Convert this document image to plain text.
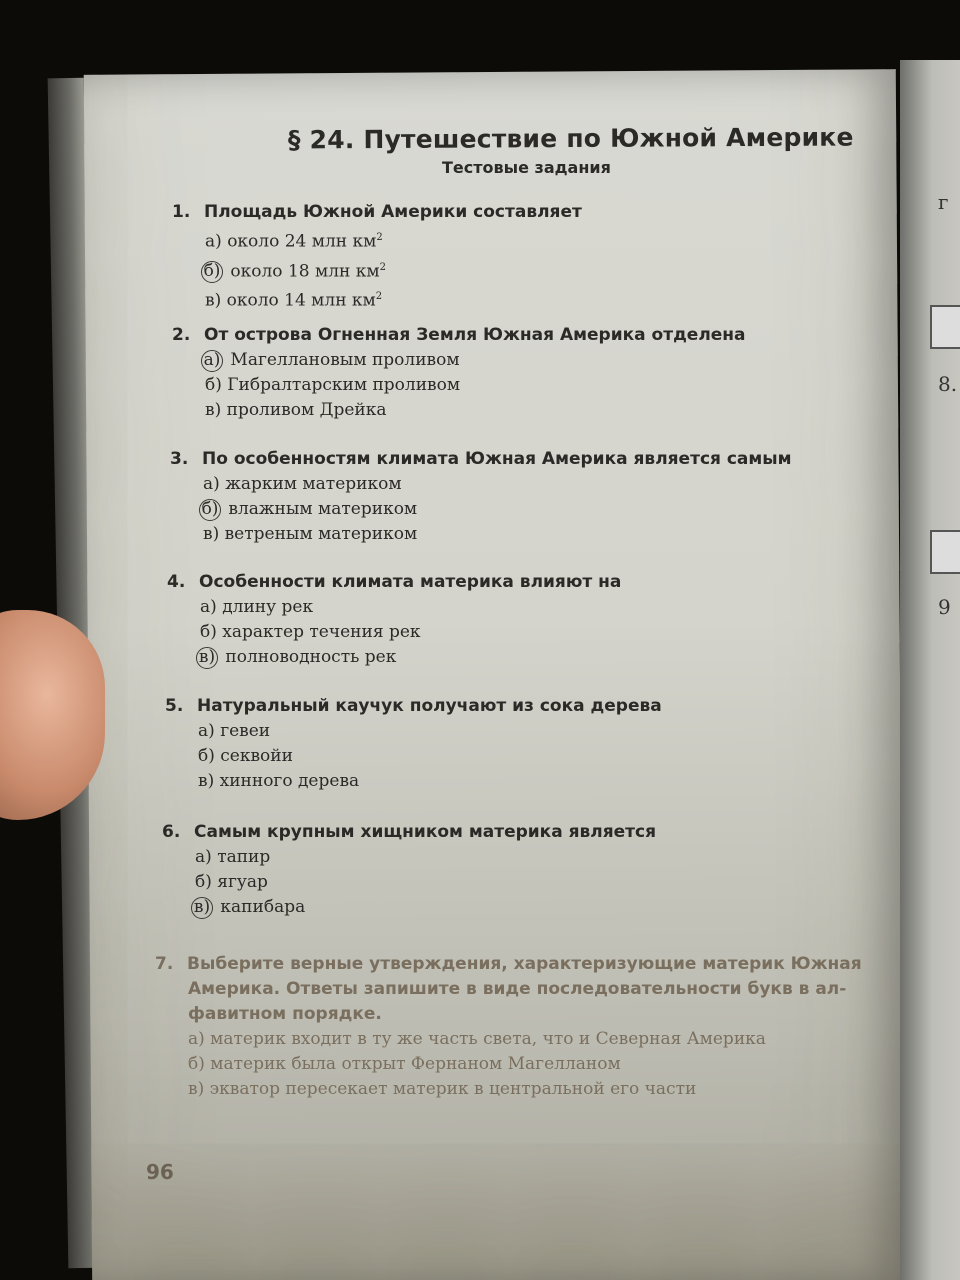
г
8.
9
§ 24. Путешествие по Южной Америке
Тестовые задания
1. Площадь Южной Америки составляет
а) около 24 млн $км^2$
б) около 18 млн $км^2$
в) около 14 млн $км^2$
2. От острова Огненная Земля Южная Америка отделена
а) Магеллановым проливом
б) Гибралтарским проливом
в) проливом Дрейка
3. По особенностям климата Южная Америка является самым
а) жарким материком
б) влажным материком
в) ветреным материком
4. Особенности климата материка влияют на
а) длину рек
б) характер течения рек
в) полноводность рек
5. Натуральный каучук получают из сока дерева
а) гевеи
б) секвойи
в) хинного дерева
6. Самым крупным хищником материка является
а) тапир
б) ягуар
в) капибара
7. Выберите верные утверждения, характеризующие материк Южная
Америка. Ответы запишите в виде последовательности букв в ал-
фавитном порядке.
а) материк входит в ту же часть света, что и Северная Америка
б) материк была открыт Фернаном Магелланом
в) экватор пересекает материк в центральной его части
96
